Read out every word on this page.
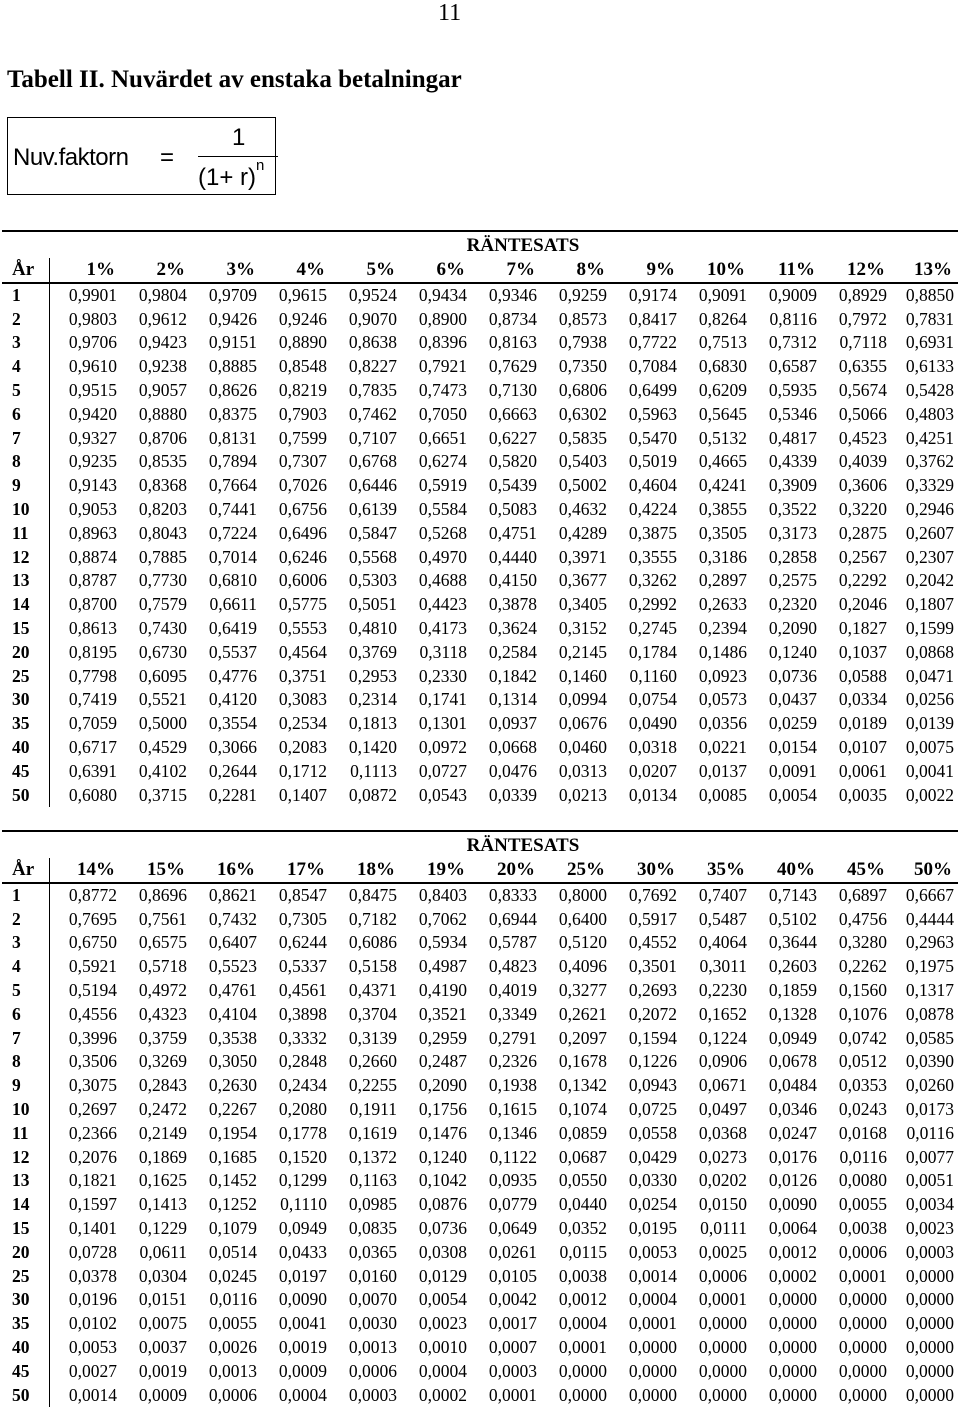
11
Tabell II. Nuvärdet av enstaka betalningar
Nuv.faktorn =
1
$(1+ r)^n$
RÄNTESATS
År	1%	2%	3%	4%	5%	6%	7%	8%	9%	10%	11%	12%	13%
1	0,9901	0,9804	0,9709	0,9615	0,9524	0,9434	0,9346	0,9259	0,9174	0,9091	0,9009	0,8929	0,8850
2	0,9803	0,9612	0,9426	0,9246	0,9070	0,8900	0,8734	0,8573	0,8417	0,8264	0,8116	0,7972	0,7831
3	0,9706	0,9423	0,9151	0,8890	0,8638	0,8396	0,8163	0,7938	0,7722	0,7513	0,7312	0,7118	0,6931
4	0,9610	0,9238	0,8885	0,8548	0,8227	0,7921	0,7629	0,7350	0,7084	0,6830	0,6587	0,6355	0,6133
5	0,9515	0,9057	0,8626	0,8219	0,7835	0,7473	0,7130	0,6806	0,6499	0,6209	0,5935	0,5674	0,5428
6	0,9420	0,8880	0,8375	0,7903	0,7462	0,7050	0,6663	0,6302	0,5963	0,5645	0,5346	0,5066	0,4803
7	0,9327	0,8706	0,8131	0,7599	0,7107	0,6651	0,6227	0,5835	0,5470	0,5132	0,4817	0,4523	0,4251
8	0,9235	0,8535	0,7894	0,7307	0,6768	0,6274	0,5820	0,5403	0,5019	0,4665	0,4339	0,4039	0,3762
9	0,9143	0,8368	0,7664	0,7026	0,6446	0,5919	0,5439	0,5002	0,4604	0,4241	0,3909	0,3606	0,3329
10	0,9053	0,8203	0,7441	0,6756	0,6139	0,5584	0,5083	0,4632	0,4224	0,3855	0,3522	0,3220	0,2946
11	0,8963	0,8043	0,7224	0,6496	0,5847	0,5268	0,4751	0,4289	0,3875	0,3505	0,3173	0,2875	0,2607
12	0,8874	0,7885	0,7014	0,6246	0,5568	0,4970	0,4440	0,3971	0,3555	0,3186	0,2858	0,2567	0,2307
13	0,8787	0,7730	0,6810	0,6006	0,5303	0,4688	0,4150	0,3677	0,3262	0,2897	0,2575	0,2292	0,2042
14	0,8700	0,7579	0,6611	0,5775	0,5051	0,4423	0,3878	0,3405	0,2992	0,2633	0,2320	0,2046	0,1807
15	0,8613	0,7430	0,6419	0,5553	0,4810	0,4173	0,3624	0,3152	0,2745	0,2394	0,2090	0,1827	0,1599
20	0,8195	0,6730	0,5537	0,4564	0,3769	0,3118	0,2584	0,2145	0,1784	0,1486	0,1240	0,1037	0,0868
25	0,7798	0,6095	0,4776	0,3751	0,2953	0,2330	0,1842	0,1460	0,1160	0,0923	0,0736	0,0588	0,0471
30	0,7419	0,5521	0,4120	0,3083	0,2314	0,1741	0,1314	0,0994	0,0754	0,0573	0,0437	0,0334	0,0256
35	0,7059	0,5000	0,3554	0,2534	0,1813	0,1301	0,0937	0,0676	0,0490	0,0356	0,0259	0,0189	0,0139
40	0,6717	0,4529	0,3066	0,2083	0,1420	0,0972	0,0668	0,0460	0,0318	0,0221	0,0154	0,0107	0,0075
45	0,6391	0,4102	0,2644	0,1712	0,1113	0,0727	0,0476	0,0313	0,0207	0,0137	0,0091	0,0061	0,0041
50	0,6080	0,3715	0,2281	0,1407	0,0872	0,0543	0,0339	0,0213	0,0134	0,0085	0,0054	0,0035	0,0022
RÄNTESATS
År	14%	15%	16%	17%	18%	19%	20%	25%	30%	35%	40%	45%	50%
1	0,8772	0,8696	0,8621	0,8547	0,8475	0,8403	0,8333	0,8000	0,7692	0,7407	0,7143	0,6897	0,6667
2	0,7695	0,7561	0,7432	0,7305	0,7182	0,7062	0,6944	0,6400	0,5917	0,5487	0,5102	0,4756	0,4444
3	0,6750	0,6575	0,6407	0,6244	0,6086	0,5934	0,5787	0,5120	0,4552	0,4064	0,3644	0,3280	0,2963
4	0,5921	0,5718	0,5523	0,5337	0,5158	0,4987	0,4823	0,4096	0,3501	0,3011	0,2603	0,2262	0,1975
5	0,5194	0,4972	0,4761	0,4561	0,4371	0,4190	0,4019	0,3277	0,2693	0,2230	0,1859	0,1560	0,1317
6	0,4556	0,4323	0,4104	0,3898	0,3704	0,3521	0,3349	0,2621	0,2072	0,1652	0,1328	0,1076	0,0878
7	0,3996	0,3759	0,3538	0,3332	0,3139	0,2959	0,2791	0,2097	0,1594	0,1224	0,0949	0,0742	0,0585
8	0,3506	0,3269	0,3050	0,2848	0,2660	0,2487	0,2326	0,1678	0,1226	0,0906	0,0678	0,0512	0,0390
9	0,3075	0,2843	0,2630	0,2434	0,2255	0,2090	0,1938	0,1342	0,0943	0,0671	0,0484	0,0353	0,0260
10	0,2697	0,2472	0,2267	0,2080	0,1911	0,1756	0,1615	0,1074	0,0725	0,0497	0,0346	0,0243	0,0173
11	0,2366	0,2149	0,1954	0,1778	0,1619	0,1476	0,1346	0,0859	0,0558	0,0368	0,0247	0,0168	0,0116
12	0,2076	0,1869	0,1685	0,1520	0,1372	0,1240	0,1122	0,0687	0,0429	0,0273	0,0176	0,0116	0,0077
13	0,1821	0,1625	0,1452	0,1299	0,1163	0,1042	0,0935	0,0550	0,0330	0,0202	0,0126	0,0080	0,0051
14	0,1597	0,1413	0,1252	0,1110	0,0985	0,0876	0,0779	0,0440	0,0254	0,0150	0,0090	0,0055	0,0034
15	0,1401	0,1229	0,1079	0,0949	0,0835	0,0736	0,0649	0,0352	0,0195	0,0111	0,0064	0,0038	0,0023
20	0,0728	0,0611	0,0514	0,0433	0,0365	0,0308	0,0261	0,0115	0,0053	0,0025	0,0012	0,0006	0,0003
25	0,0378	0,0304	0,0245	0,0197	0,0160	0,0129	0,0105	0,0038	0,0014	0,0006	0,0002	0,0001	0,0000
30	0,0196	0,0151	0,0116	0,0090	0,0070	0,0054	0,0042	0,0012	0,0004	0,0001	0,0000	0,0000	0,0000
35	0,0102	0,0075	0,0055	0,0041	0,0030	0,0023	0,0017	0,0004	0,0001	0,0000	0,0000	0,0000	0,0000
40	0,0053	0,0037	0,0026	0,0019	0,0013	0,0010	0,0007	0,0001	0,0000	0,0000	0,0000	0,0000	0,0000
45	0,0027	0,0019	0,0013	0,0009	0,0006	0,0004	0,0003	0,0000	0,0000	0,0000	0,0000	0,0000	0,0000
50	0,0014	0,0009	0,0006	0,0004	0,0003	0,0002	0,0001	0,0000	0,0000	0,0000	0,0000	0,0000	0,0000
